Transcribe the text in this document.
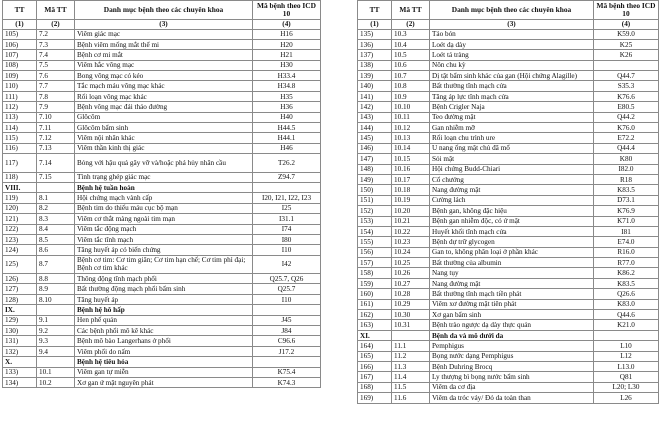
TT	Mã TT	Danh mục bệnh theo các chuyên khoa	Mã bệnh theo ICD 10
(1)	(2)	(3)	(4)
105)	7.2	Viêm giác mạc	H16
106)	7.3	Bệnh viêm mống mắt thể mi	H20
107)	7.4	Bệnh cơ mi mắt	H21
108)	7.5	Viêm hắc võng mạc	H30
109)	7.6	Bong võng mạc có kéo	H33.4
110)	7.7	Tắc mạch máu võng mạc khác	H34.8
111)	7.8	Rối loạn võng mạc khác	H35
112)	7.9	Bệnh võng mạc đái tháo đường	H36
113)	7.10	Glôcôm	H40
114)	7.11	Glôcôm bẩm sinh	H44.5
115)	7.12	Viêm nội nhãn khác	H44.1
116)	7.13	Viêm thần kinh thị giác	H46
117)	7.14	Bỏng với hậu quả gây vỡ và/hoặc phá hủy nhãn cầu	T26.2
118)	7.15	Tình trạng ghép giác mạc	Z94.7
VIII.		Bệnh hệ tuần hoàn	
119)	8.1	Hội chứng mạch vành cấp	I20, I21, I22, I23
120)	8.2	Bệnh tim do thiếu máu cục bộ mạn	I25
121)	8.3	Viêm cơ thắt màng ngoài tim mạn	I31.1
122)	8.4	Viêm tắc động mạch	I74
123)	8.5	Viêm tắc tĩnh mạch	I80
124)	8.6	Tăng huyết áp có biến chứng	I10
125)	8.7	Bệnh cơ tim: Cơ tim giãn; Cơ tim hạn chế; Cơ tim phì đại; Bệnh cơ tim khác	I42
126)	8.8	Thông động tĩnh mạch phổi	Q25.7, Q26
127)	8.9	Bất thường động mạch phổi bẩm sinh	Q25.7
128)	8.10	Tăng huyết áp	I10
IX.		Bệnh hệ hô hấp	
129)	9.1	Hen phế quản	J45
130)	9.2	Các bệnh phổi mô kẽ khác	J84
131)	9.3	Bệnh mô bào Langerhans ở phổi	C96.6
132)	9.4	Viêm phổi do nấm	J17.2
X.		Bệnh hệ tiêu hóa	
133)	10.1	Viêm gan tự miễn	K75.4
134)	10.2	Xơ gan ứ mật nguyên phát	K74.3
TT	Mã TT	Danh mục bệnh theo các chuyên khoa	Mã bệnh theo ICD 10
(1)	(2)	(3)	(4)
135)	10.3	Táo bón	K59.0
136)	10.4	Loét dạ dày	K25
137)	10.5	Loét tá tràng	K26
138)	10.6	Nôn chu kỳ	
139)	10.7	Dị tật bẩm sinh khác của gan (Hội chứng Alagille)	Q44.7
140)	10.8	Bất thường tĩnh mạch cửa	S35.3
141)	10.9	Tăng áp lực tĩnh mạch cửa	K76.6
142)	10.10	Bệnh Crigler Naja	E80.5
143)	10.11	Teo đường mật	Q44.2
144)	10.12	Gan nhiễm mỡ	K76.0
145)	10.13	Rối loạn chu trình ure	E72.2
146)	10.14	U nang ống mật chủ đã mổ	Q44.4
147)	10.15	Sỏi mật	K80
148)	10.16	Hội chứng Budd-Chiari	I82.0
149)	10.17	Cổ chướng	R18
150)	10.18	Nang đường mật	K83.5
151)	10.19	Cường lách	D73.1
152)	10.20	Bệnh gan, không đặc hiệu	K76.9
153)	10.21	Bệnh gan nhiễm độc, có ứ mật	K71.0
154)	10.22	Huyết khối tĩnh mạch cửa	I81
155)	10.23	Bệnh dự trữ glycogen	E74.0
156)	10.24	Gan to, không phân loại ở phần khác	R16.0
157)	10.25	Bất thường của albumin	R77.0
158)	10.26	Nang tụy	K86.2
159)	10.27	Nang đường mật	K83.5
160)	10.28	Bất thường tĩnh mạch tiền phát	Q26.6
161)	10.29	Viêm xơ đường mật tiên phát	K83.0
162)	10.30	Xơ gan bẩm sinh	Q44.6
163)	10.31	Bệnh trào ngược dạ dày thực quản	K21.0
XI.		Bệnh da và mô dưới da	
164)	11.1	Pemphigus	L10
165)	11.2	Bọng nước dạng Pemphigus	L12
166)	11.3	Bệnh Duhring Brocq	L13.0
167)	11.4	Ly thượng bì bọng nước bẩm sinh	Q81
168)	11.5	Viêm da cơ địa	L20; L30
169)	11.6	Viêm da tróc vảy/ Đỏ da toàn than	L26
